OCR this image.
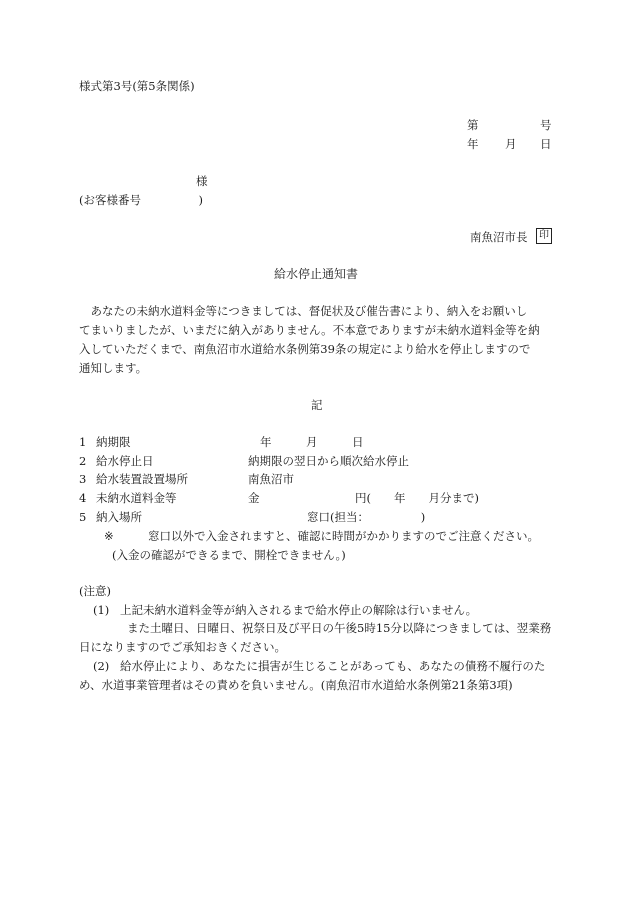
様式第3号(第5条関係)
第	号
年 月 日
様
(お客様番号　　　　　)
南魚沼市長	印
給水停止通知書
　あなたの未納水道料金等につきましては、督促状及び催告書により、納入をお願いし
てまいりましたが、いまだに納入がありません。不本意でありますが未納水道料金等を納
入していただくまで、南魚沼市水道給水条例第39条の規定により給水を停止しますので
通知します。
記
1 納期限	年　　　月　　　日
2 給水停止日	納期限の翌日から順次給水停止
3 給水装置設置場所	南魚沼市
4 未納水道料金等	金	円(　　年　　月分まで)
5 納入場所	窓口(担当：　　　　　)
※	窓口以外で入金されますと、確認に時間がかかりますのでご注意ください。
(入金の確認ができるまで、開栓できません。)
(注意)
(1) 上記未納水道料金等が納入されるまで給水停止の解除は行いません。
また土曜日、日曜日、祝祭日及び平日の午後5時15分以降につきましては、翌業務
日になりますのでご承知おきください。
(2) 給水停止により、あなたに損害が生じることがあっても、あなたの債務不履行のた
め、水道事業管理者はその責めを負いません。(南魚沼市水道給水条例第21条第3項)
